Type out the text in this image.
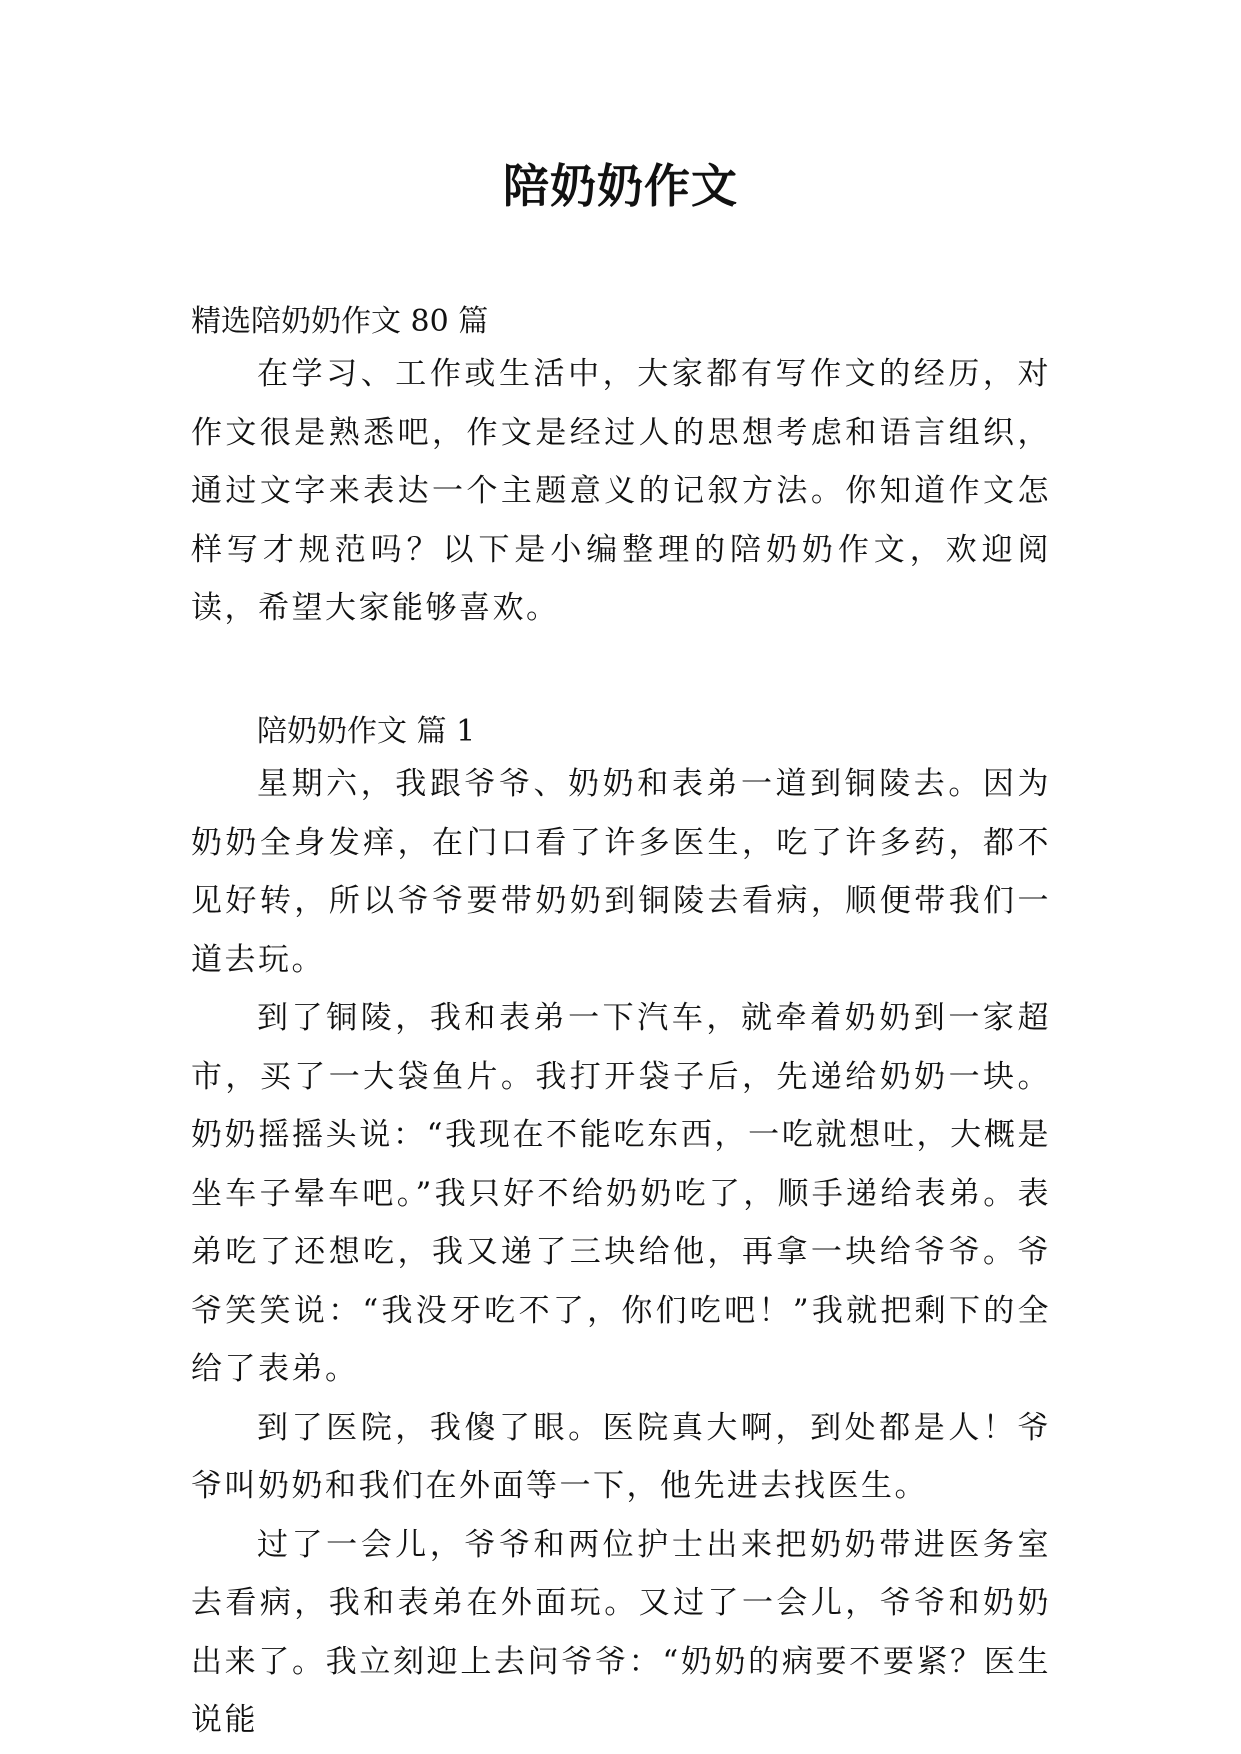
陪奶奶作文

精选陪奶奶作文 80 篇

在学习、工作或生活中，大家都有写作文的经历，对作文很是熟悉吧，作文是经过人的思想考虑和语言组织，通过文字来表达一个主题意义的记叙方法。你知道作文怎样写才规范吗？以下是小编整理的陪奶奶作文，欢迎阅读，希望大家能够喜欢。

陪奶奶作文 篇 1

星期六，我跟爷爷、奶奶和表弟一道到铜陵去。因为奶奶全身发痒，在门口看了许多医生，吃了许多药，都不见好转，所以爷爷要带奶奶到铜陵去看病，顺便带我们一道去玩。

到了铜陵，我和表弟一下汽车，就牵着奶奶到一家超市，买了一大袋鱼片。我打开袋子后，先递给奶奶一块。奶奶摇摇头说：“我现在不能吃东西，一吃就想吐，大概是坐车子晕车吧。”我只好不给奶奶吃了，顺手递给表弟。表弟吃了还想吃，我又递了三块给他，再拿一块给爷爷。爷爷笑笑说：“我没牙吃不了，你们吃吧！”我就把剩下的全给了表弟。

到了医院，我傻了眼。医院真大啊，到处都是人！爷爷叫奶奶和我们在外面等一下，他先进去找医生。

过了一会儿，爷爷和两位护士出来把奶奶带进医务室去看病，我和表弟在外面玩。又过了一会儿，爷爷和奶奶出来了。我立刻迎上去问爷爷：“奶奶的病要不要紧？医生说能
